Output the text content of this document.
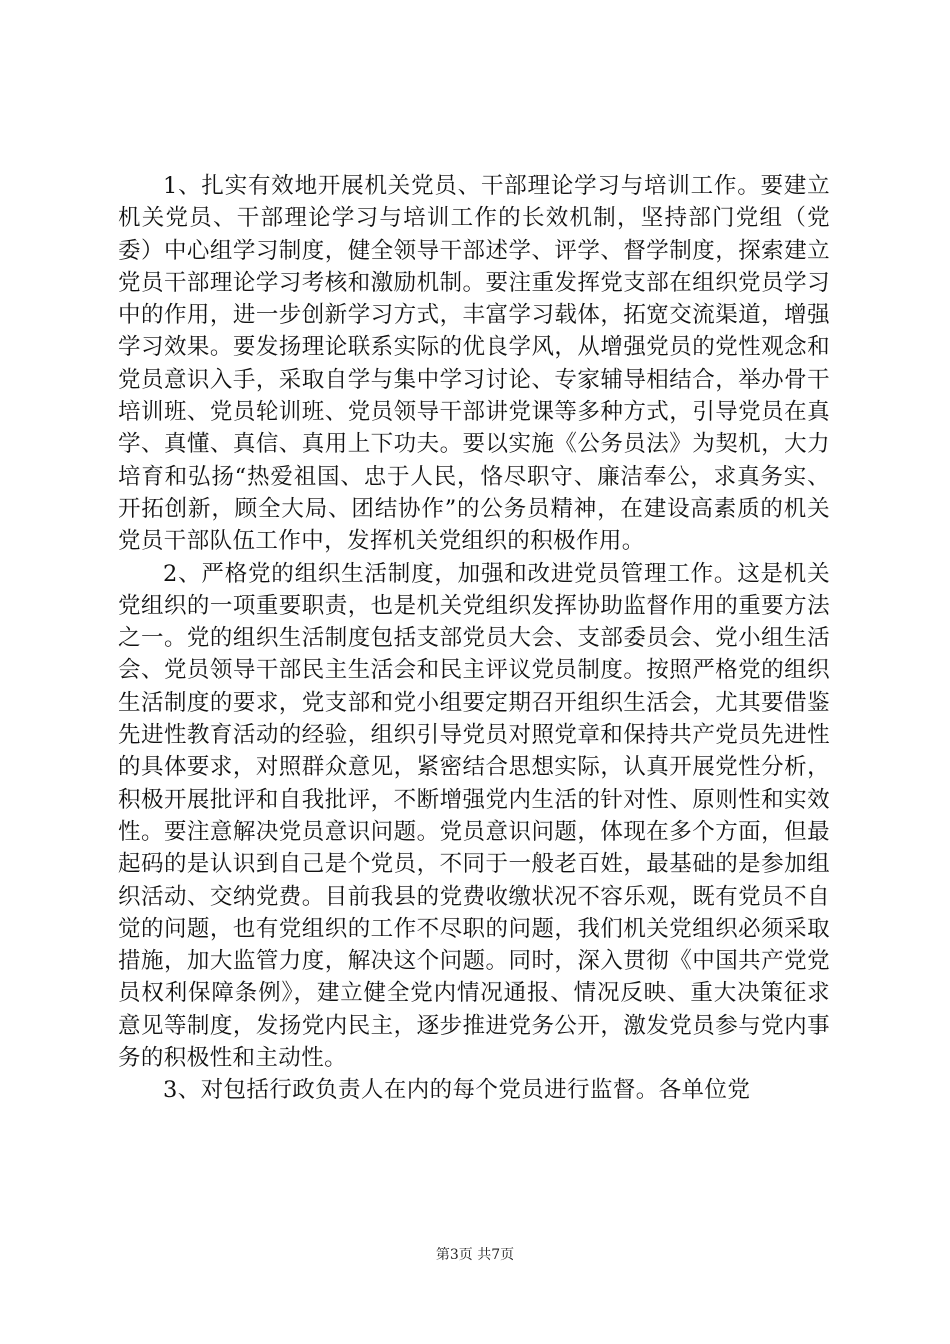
1、扎实有效地开展机关党员、干部理论学习与培训工作。要建立机关党员、干部理论学习与培训工作的长效机制，坚持部门党组（党委）中心组学习制度，健全领导干部述学、评学、督学制度，探索建立党员干部理论学习考核和激励机制。要注重发挥党支部在组织党员学习中的作用，进一步创新学习方式，丰富学习载体，拓宽交流渠道，增强学习效果。要发扬理论联系实际的优良学风，从增强党员的党性观念和党员意识入手，采取自学与集中学习讨论、专家辅导相结合，举办骨干培训班、党员轮训班、党员领导干部讲党课等多种方式，引导党员在真学、真懂、真信、真用上下功夫。要以实施《公务员法》为契机，大力培育和弘扬“热爱祖国、忠于人民，恪尽职守、廉洁奉公，求真务实、开拓创新，顾全大局、团结协作”的公务员精神，在建设高素质的机关党员干部队伍工作中，发挥机关党组织的积极作用。

2、严格党的组织生活制度，加强和改进党员管理工作。这是机关党组织的一项重要职责，也是机关党组织发挥协助监督作用的重要方法之一。党的组织生活制度包括支部党员大会、支部委员会、党小组生活会、党员领导干部民主生活会和民主评议党员制度。按照严格党的组织生活制度的要求，党支部和党小组要定期召开组织生活会，尤其要借鉴先进性教育活动的经验，组织引导党员对照党章和保持共产党员先进性的具体要求，对照群众意见，紧密结合思想实际，认真开展党性分析，积极开展批评和自我批评，不断增强党内生活的针对性、原则性和实效性。要注意解决党员意识问题。党员意识问题，体现在多个方面，但最起码的是认识到自己是个党员，不同于一般老百姓，最基础的是参加组织活动、交纳党费。目前我县的党费收缴状况不容乐观，既有党员不自觉的问题，也有党组织的工作不尽职的问题，我们机关党组织必须采取措施，加大监管力度，解决这个问题。同时，深入贯彻《中国共产党党员权利保障条例》，建立健全党内情况通报、情况反映、重大决策征求意见等制度，发扬党内民主，逐步推进党务公开，激发党员参与党内事务的积极性和主动性。

3、对包括行政负责人在内的每个党员进行监督。各单位党

第3页 共7页
